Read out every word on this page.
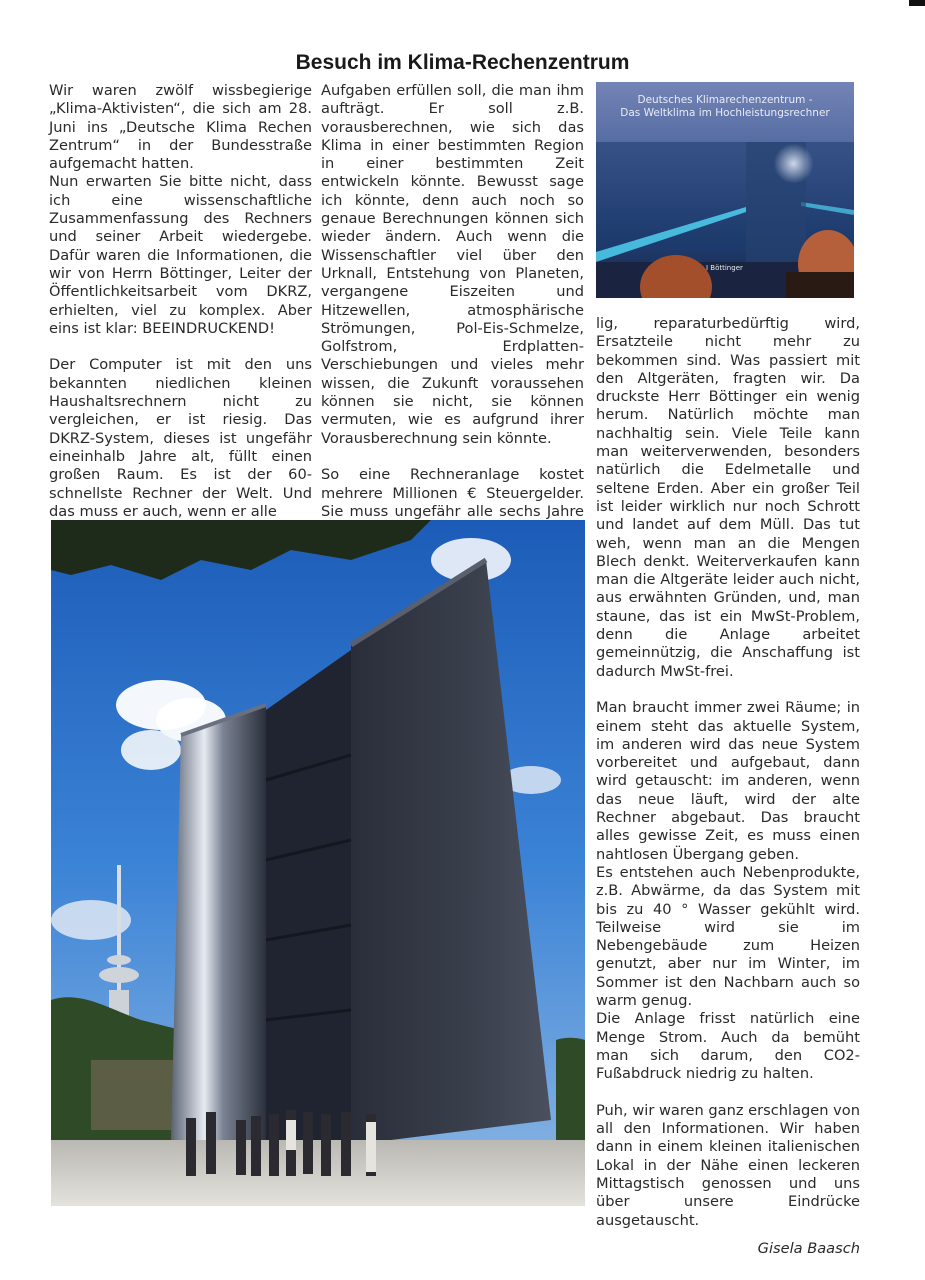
Besuch im Klima-Rechenzentrum

Wir waren zwölf wissbegierige „Klima-Aktivisten“, die sich am 28. Juni ins „Deutsche Klima Rechen Zentrum“ in der Bundesstraße aufgemacht hatten.

Nun erwarten Sie bitte nicht, dass ich eine wissenschaftliche Zusammenfassung des Rechners und seiner Arbeit wiedergebe. Dafür waren die Informationen, die wir von Herrn Böttinger, Leiter der Öffentlichkeitsarbeit vom DKRZ, erhielten, viel zu komplex. Aber eins ist klar: BEEINDRUCKEND!

Der Computer ist mit den uns bekannten niedlichen kleinen Haushaltsrechnern nicht zu vergleichen, er ist riesig. Das DKRZ-System, dieses ist ungefähr eineinhalb Jahre alt, füllt einen großen Raum. Es ist der 60-schnellste Rechner der Welt. Und das muss er auch, wenn er alle

Aufgaben erfüllen soll, die man ihm aufträgt. Er soll z.B. vorausberechnen, wie sich das Klima in einer bestimmten Region in einer bestimmten Zeit entwickeln könnte. Bewusst sage ich könnte, denn auch noch so genaue Berechnungen können sich wieder ändern. Auch wenn die Wissenschaftler viel über den Urknall, Entstehung von Planeten, vergangene Eiszeiten und Hitzewellen, atmosphärische Strömungen, Pol-Eis-Schmelze, Golfstrom, Erdplatten-Verschiebungen und vieles mehr wissen, die Zukunft voraussehen können sie nicht, sie können vermuten, wie es aufgrund ihrer Vorausberechnung sein könnte.

So eine Rechneranlage kostet mehrere Millionen € Steuergelder. Sie muss ungefähr alle sechs Jahre

Deutsches Klimarechenzentrum -
Das Weltklima im Hochleistungsrechner
I Böttinger

lig, reparaturbedürftig wird, Ersatzteile nicht mehr zu bekommen sind. Was passiert mit den Altgeräten, fragten wir. Da druckste Herr Böttinger ein wenig herum. Natürlich möchte man nachhaltig sein. Viele Teile kann man weiterverwenden, besonders natürlich die Edelmetalle und seltene Erden. Aber ein großer Teil ist leider wirklich nur noch Schrott und landet auf dem Müll. Das tut weh, wenn man an die Mengen Blech denkt. Weiterverkaufen kann man die Altgeräte leider auch nicht, aus erwähnten Gründen, und, man staune, das ist ein MwSt-Problem, denn die Anlage arbeitet gemeinnützig, die Anschaffung ist dadurch MwSt-frei.

Man braucht immer zwei Räume; in einem steht das aktuelle System, im anderen wird das neue System vorbereitet und aufgebaut, dann wird getauscht: im anderen, wenn das neue läuft, wird der alte Rechner abgebaut. Das braucht alles gewisse Zeit, es muss einen nahtlosen Übergang geben.

Es entstehen auch Nebenprodukte, z.B. Abwärme, da das System mit bis zu 40 ° Wasser gekühlt wird. Teilweise wird sie im Nebengebäude zum Heizen genutzt, aber nur im Winter, im Sommer ist den Nachbarn auch so warm genug.

Die Anlage frisst natürlich eine Menge Strom. Auch da bemüht man sich darum, den CO2-Fußabdruck niedrig zu halten.

Puh, wir waren ganz erschlagen von all den Informationen. Wir haben dann in einem kleinen italienischen Lokal in der Nähe einen leckeren Mittagstisch genossen und uns über unsere Eindrücke ausgetauscht.

Gisela Baasch
